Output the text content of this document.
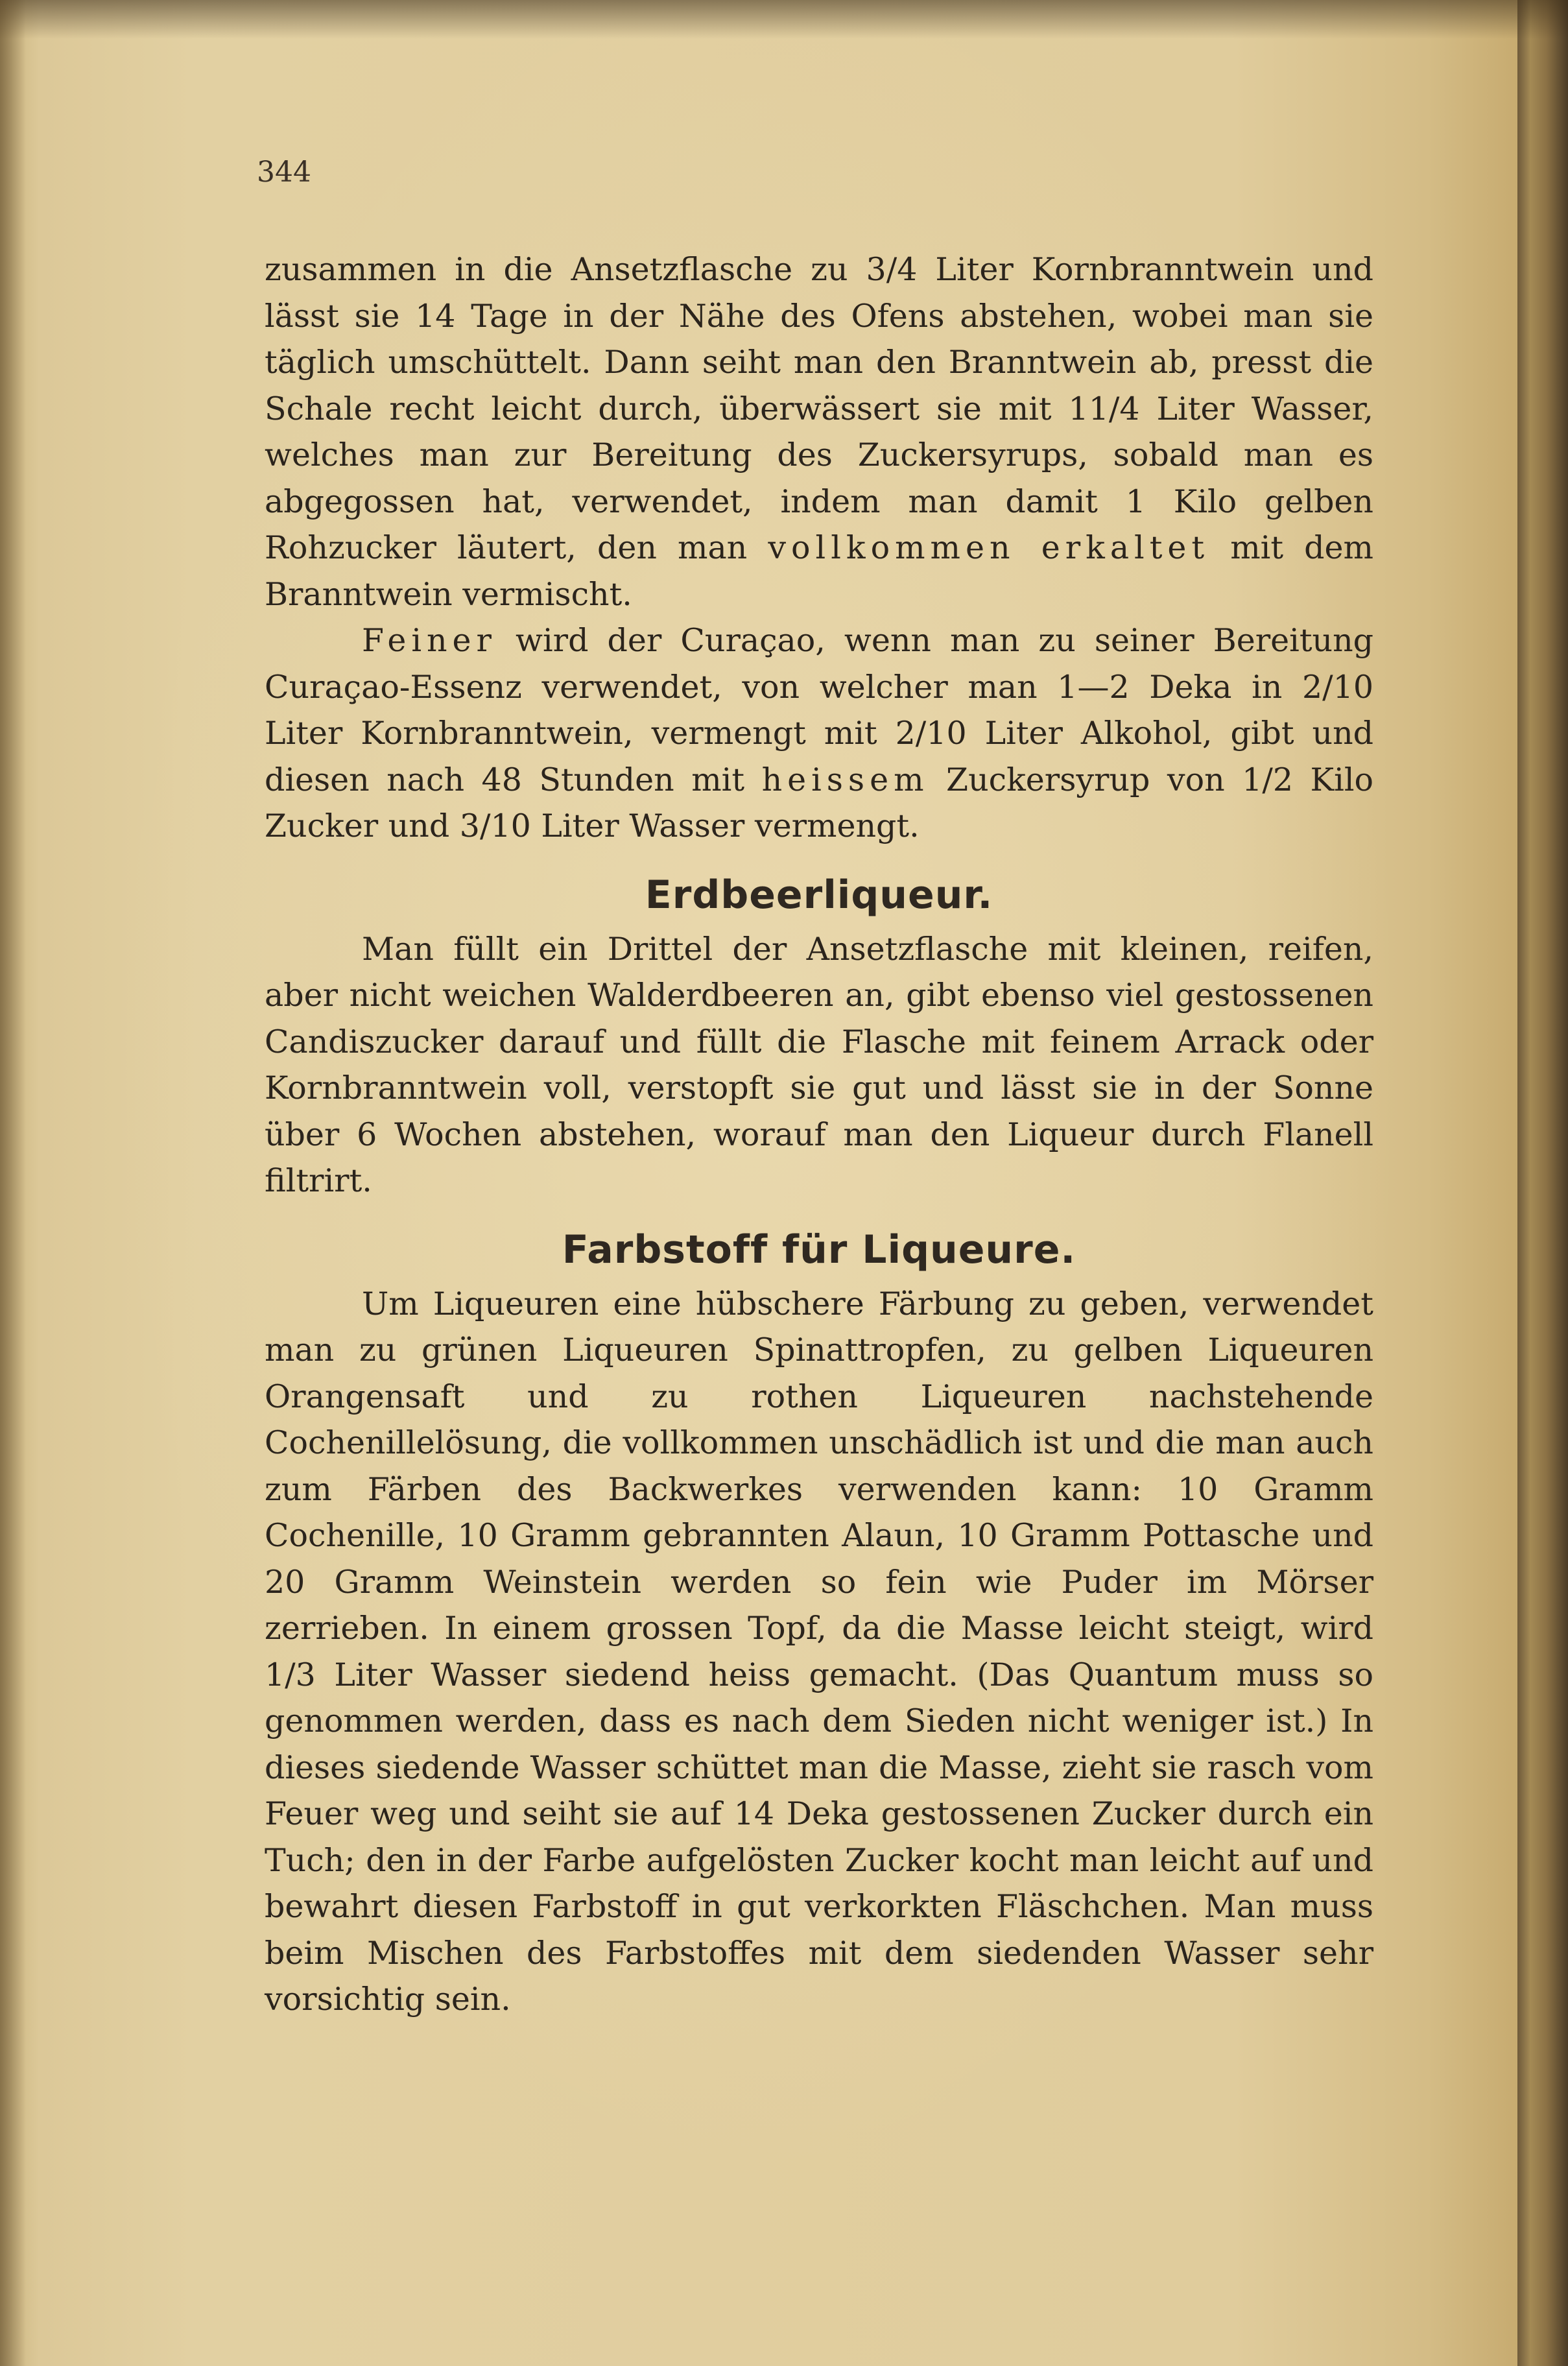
344

zusammen in die Ansetzflasche zu 3/4 Liter Kornbranntwein und lässt sie 14 Tage in der Nähe des Ofens abstehen, wobei man sie täglich umschüttelt. Dann seiht man den Branntwein ab, presst die Schale recht leicht durch, überwässert sie mit 11/4 Liter Wasser, welches man zur Bereitung des Zuckersyrups, sobald man es abgegossen hat, verwendet, indem man damit 1 Kilo gelben Rohzucker läutert, den man vollkommen erkaltet mit dem Branntwein vermischt.

Feiner wird der Curaçao, wenn man zu seiner Bereitung Curaçao-Essenz verwendet, von welcher man 1—2 Deka in 2/10 Liter Kornbranntwein, vermengt mit 2/10 Liter Alkohol, gibt und diesen nach 48 Stunden mit heissem Zuckersyrup von 1/2 Kilo Zucker und 3/10 Liter Wasser vermengt.

Erdbeerliqueur.

Man füllt ein Drittel der Ansetzflasche mit kleinen, reifen, aber nicht weichen Walderdbeeren an, gibt ebenso viel gestossenen Candiszucker darauf und füllt die Flasche mit feinem Arrack oder Kornbranntwein voll, verstopft sie gut und lässt sie in der Sonne über 6 Wochen abstehen, worauf man den Liqueur durch Flanell filtrirt.

Farbstoff für Liqueure.

Um Liqueuren eine hübschere Färbung zu geben, verwendet man zu grünen Liqueuren Spinattropfen, zu gelben Liqueuren Orangensaft und zu rothen Liqueuren nachstehende Cochenillelösung, die vollkommen unschädlich ist und die man auch zum Färben des Backwerkes verwenden kann: 10 Gramm Cochenille, 10 Gramm gebrannten Alaun, 10 Gramm Pottasche und 20 Gramm Weinstein werden so fein wie Puder im Mörser zerrieben. In einem grossen Topf, da die Masse leicht steigt, wird 1/3 Liter Wasser siedend heiss gemacht. (Das Quantum muss so genommen werden, dass es nach dem Sieden nicht weniger ist.) In dieses siedende Wasser schüttet man die Masse, zieht sie rasch vom Feuer weg und seiht sie auf 14 Deka gestossenen Zucker durch ein Tuch; den in der Farbe aufgelösten Zucker kocht man leicht auf und bewahrt diesen Farbstoff in gut verkorkten Fläschchen. Man muss beim Mischen des Farbstoffes mit dem siedenden Wasser sehr vorsichtig sein.
